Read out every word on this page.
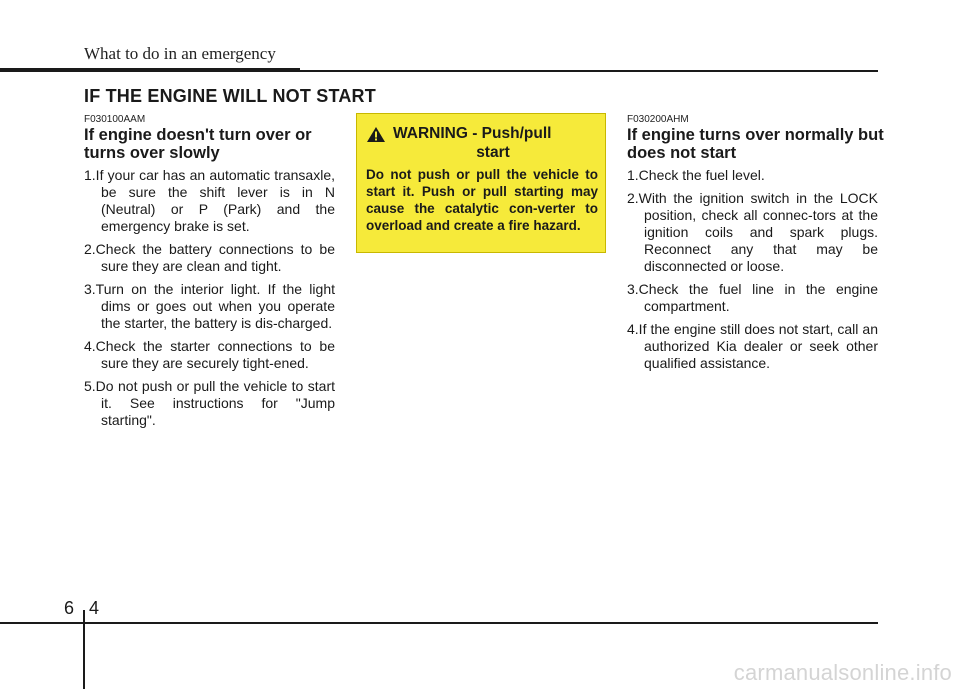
What to do in an emergency
IF THE ENGINE WILL NOT START
F030100AAM
If engine doesn't turn over or turns over slowly
1.If your car has an automatic transaxle, be sure the shift lever is in N (Neutral) or P (Park) and the emergency brake is set.
2.Check the battery connections to be sure they are clean and tight.
3.Turn on the interior light. If the light dims or goes out when you operate the starter, the battery is dis-charged.
4.Check the starter connections to be sure they are securely tight-ened.
5.Do not push or pull the vehicle to start it. See instructions for "Jump starting".
WARNING - Push/pull
start
Do not push or pull the vehicle to start it. Push or pull starting may cause the catalytic con-verter to overload and create a fire hazard.
F030200AHM
If engine turns over normally but does not start
1.Check the fuel level.
2.With the ignition switch in the LOCK position, check all connec-tors at the ignition coils and spark plugs. Reconnect any that may be disconnected or loose.
3.Check the fuel line in the engine compartment.
4.If the engine still does not start, call an authorized Kia dealer or seek other qualified assistance.
6 4
carmanualsonline.info
